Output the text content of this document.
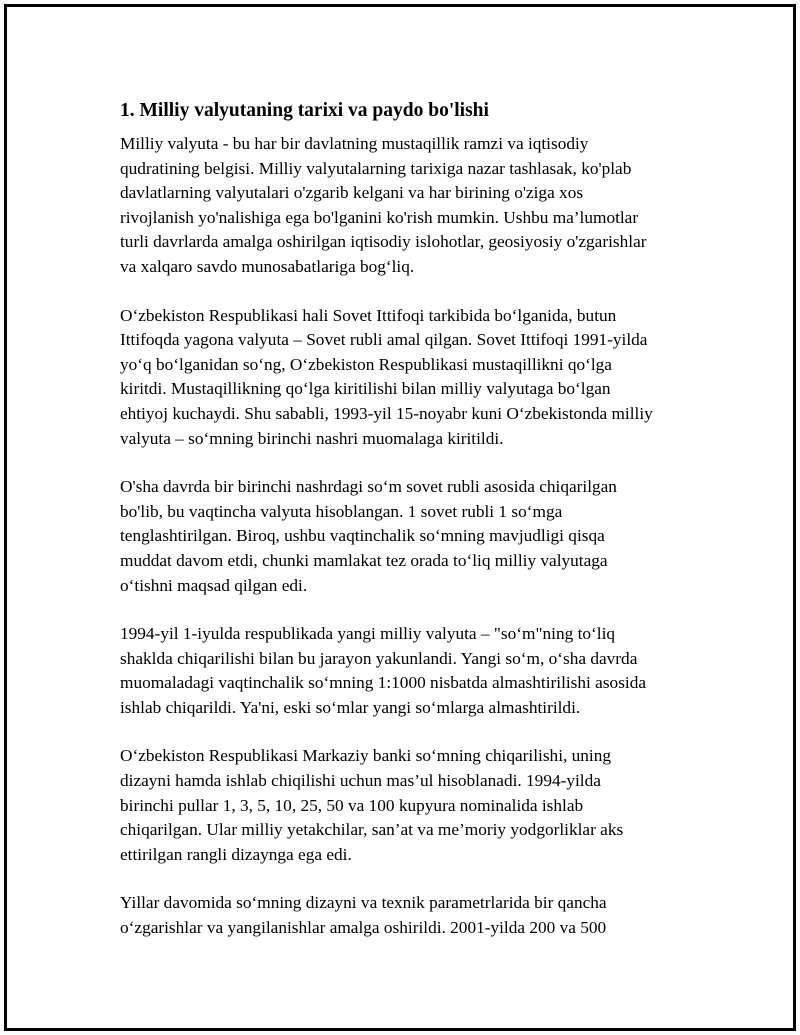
1. Milliy valyutaning tarixi va paydo bo'lishi

Milliy valyuta - bu har bir davlatning mustaqillik ramzi va iqtisodiy
qudratining belgisi. Milliy valyutalarning tarixiga nazar tashlasak, ko'plab
davlatlarning valyutalari o'zgarib kelgani va har birining o'ziga xos
rivojlanish yo'nalishiga ega bo'lganini ko'rish mumkin. Ushbu ma’lumotlar
turli davrlarda amalga oshirilgan iqtisodiy islohotlar, geosiyosiy o'zgarishlar
va xalqaro savdo munosabatlariga bog‘liq.

O‘zbekiston Respublikasi hali Sovet Ittifoqi tarkibida bo‘lganida, butun
Ittifoqda yagona valyuta – Sovet rubli amal qilgan. Sovet Ittifoqi 1991-yilda
yo‘q bo‘lganidan so‘ng, O‘zbekiston Respublikasi mustaqillikni qo‘lga
kiritdi. Mustaqillikning qo‘lga kiritilishi bilan milliy valyutaga bo‘lgan
ehtiyoj kuchaydi. Shu sababli, 1993-yil 15-noyabr kuni O‘zbekistonda milliy
valyuta – so‘mning birinchi nashri muomalaga kiritildi.

O'sha davrda bir birinchi nashrdagi so‘m sovet rubli asosida chiqarilgan
bo'lib, bu vaqtincha valyuta hisoblangan. 1 sovet rubli 1 so‘mga
tenglashtirilgan. Biroq, ushbu vaqtinchalik so‘mning mavjudligi qisqa
muddat davom etdi, chunki mamlakat tez orada to‘liq milliy valyutaga
o‘tishni maqsad qilgan edi.

1994-yil 1-iyulda respublikada yangi milliy valyuta – "so‘m"ning to‘liq
shaklda chiqarilishi bilan bu jarayon yakunlandi. Yangi so‘m, o‘sha davrda
muomaladagi vaqtinchalik so‘mning 1:1000 nisbatda almashtirilishi asosida
ishlab chiqarildi. Ya'ni, eski so‘mlar yangi so‘mlarga almashtirildi.

O‘zbekiston Respublikasi Markaziy banki so‘mning chiqarilishi, uning
dizayni hamda ishlab chiqilishi uchun mas’ul hisoblanadi. 1994-yilda
birinchi pullar 1, 3, 5, 10, 25, 50 va 100 kupyura nominalida ishlab
chiqarilgan. Ular milliy yetakchilar, san’at va me’moriy yodgorliklar aks
ettirilgan rangli dizaynga ega edi.

Yillar davomida so‘mning dizayni va texnik parametrlarida bir qancha
o‘zgarishlar va yangilanishlar amalga oshirildi. 2001-yilda 200 va 500
